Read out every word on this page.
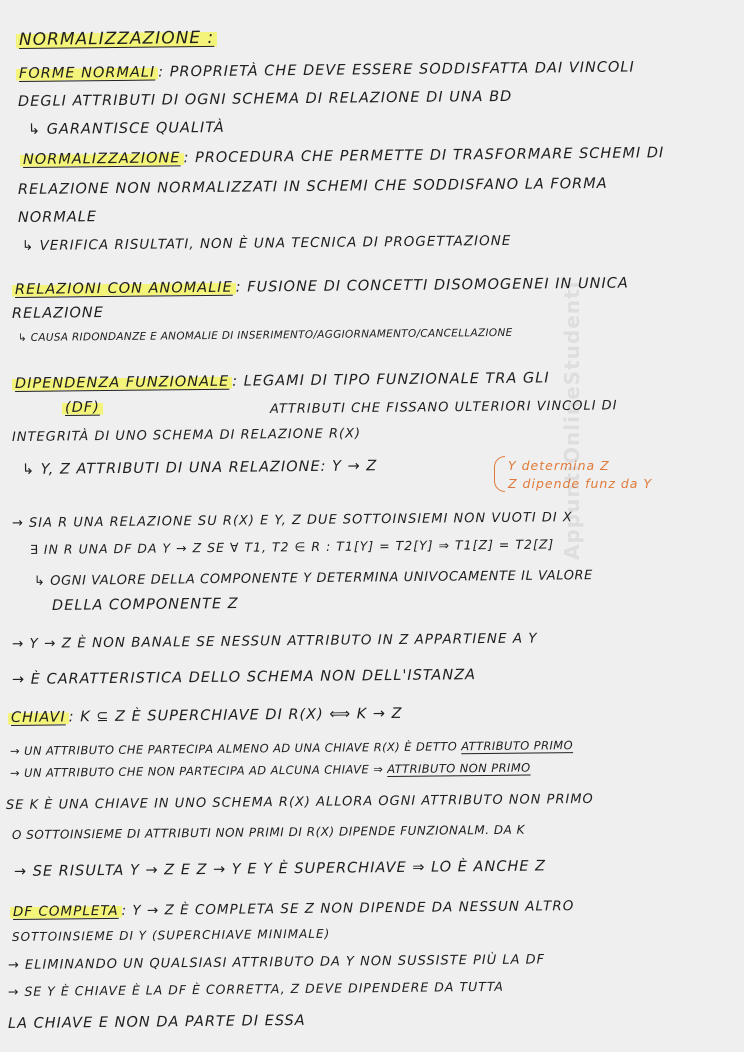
NORMALIZZAZIONE :
FORME NORMALI : PROPRIETÀ CHE DEVE ESSERE SODDISFATTA DAI VINCOLI
DEGLI ATTRIBUTI DI OGNI SCHEMA DI RELAZIONE DI UNA BD
↳ GARANTISCE QUALITÀ
NORMALIZZAZIONE : PROCEDURA CHE PERMETTE DI TRASFORMARE SCHEMI DI
RELAZIONE NON NORMALIZZATI IN SCHEMI CHE SODDISFANO LA FORMA
NORMALE
↳ VERIFICA RISULTATI, NON È UNA TECNICA DI PROGETTAZIONE
RELAZIONI CON ANOMALIE : FUSIONE DI CONCETTI DISOMOGENEI IN UNICA
RELAZIONE
↳ CAUSA RIDONDANZE E ANOMALIE DI INSERIMENTO/AGGIORNAMENTO/CANCELLAZIONE
DIPENDENZA FUNZIONALE : LEGAMI DI TIPO FUNZIONALE TRA GLI
(DF)	ATTRIBUTI CHE FISSANO ULTERIORI VINCOLI DI
INTEGRITÀ DI UNO SCHEMA DI RELAZIONE R(X)
↳ Y, Z ATTRIBUTI DI UNA RELAZIONE: Y → Z	Y determina Z
Z dipende funz da Y
→ SIA R UNA RELAZIONE SU R(X) E Y, Z DUE SOTTOINSIEMI NON VUOTI DI X
∃ IN R UNA DF DA Y → Z SE ∀ T1, T2 ∈ R : T1[Y] = T2[Y] ⇒ T1[Z] = T2[Z]
↳ OGNI VALORE DELLA COMPONENTE Y DETERMINA UNIVOCAMENTE IL VALORE
DELLA COMPONENTE Z
→ Y → Z È NON BANALE SE NESSUN ATTRIBUTO IN Z APPARTIENE A Y
→ È CARATTERISTICA DELLO SCHEMA NON DELL'ISTANZA
CHIAVI : K ⊆ Z È SUPERCHIAVE DI R(X) ⟺ K → Z
→ UN ATTRIBUTO CHE PARTECIPA ALMENO AD UNA CHIAVE R(X) È DETTO ATTRIBUTO PRIMO
→ UN ATTRIBUTO CHE NON PARTECIPA AD ALCUNA CHIAVE ⇒ ATTRIBUTO NON PRIMO
SE K È UNA CHIAVE IN UNO SCHEMA R(X) ALLORA OGNI ATTRIBUTO NON PRIMO
O SOTTOINSIEME DI ATTRIBUTI NON PRIMI DI R(X) DIPENDE FUNZIONALM. DA K
→ SE RISULTA Y → Z E Z → Y E Y È SUPERCHIAVE ⇒ LO È ANCHE Z
DF COMPLETA : Y → Z È COMPLETA SE Z NON DIPENDE DA NESSUN ALTRO
SOTTOINSIEME DI Y (SUPERCHIAVE MINIMALE)
→ ELIMINANDO UN QUALSIASI ATTRIBUTO DA Y NON SUSSISTE PIÙ LA DF
→ SE Y È CHIAVE È LA DF È CORRETTA, Z DEVE DIPENDERE DA TUTTA
LA CHIAVE E NON DA PARTE DI ESSA
AppuntiOnlineStudenti
